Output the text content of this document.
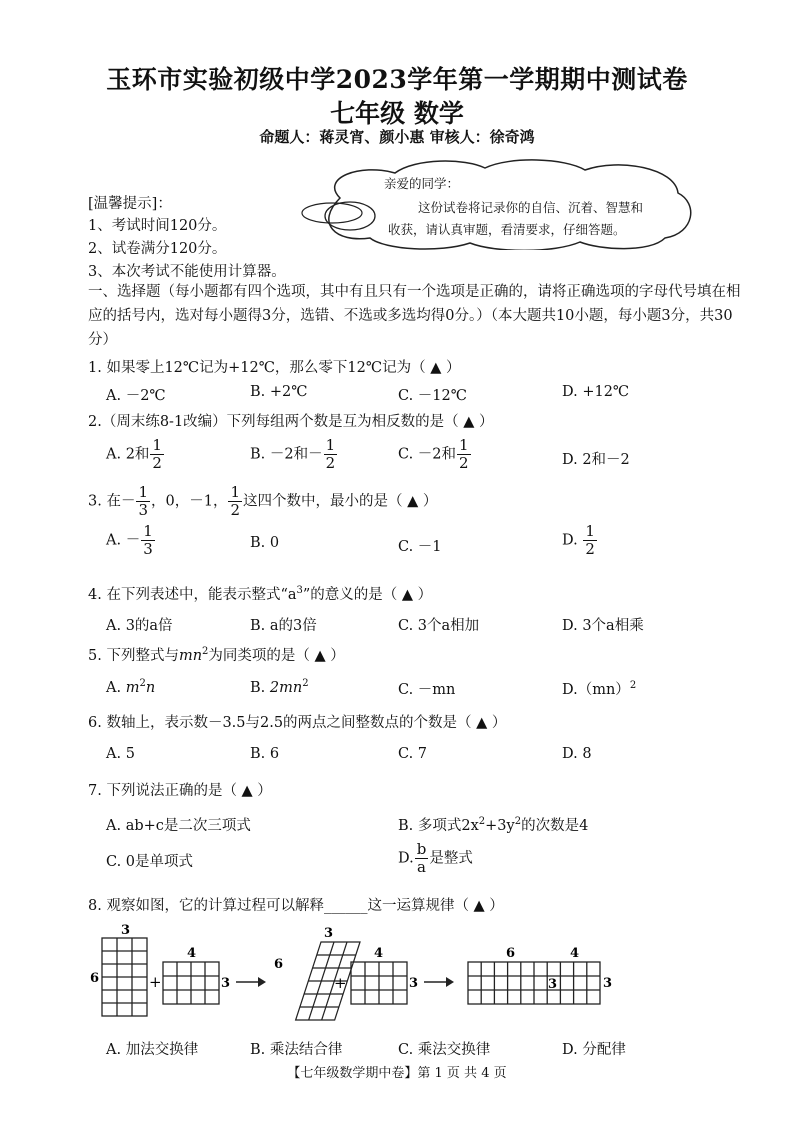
玉环市实验初级中学2023学年第一学期期中测试卷
七年级 数学
命题人：蒋灵宵、颜小惠 审核人：徐奇鸿
亲爱的同学：
这份试卷将记录你的自信、沉着、智慧和
收获，请认真审题，看清要求，仔细答题。
[温馨提示]：
1、考试时间120分。
2、试卷满分120分。
3、本次考试不能使用计算器。
一、选择题（每小题都有四个选项，其中有且只有一个选项是正确的，请将正确选项的字母代号填在相应的括号内，选对每小题得3分，选错、不选或多选均得0分。）（本大题共10小题，每小题3分，共30分）
1. 如果零上12℃记为+12℃，那么零下12℃记为（ ▲ ）
A. －2℃	B. +2℃	C. －12℃	D. +12℃
2.（周末练8-1改编）下列每组两个数是互为相反数的是（ ▲ ）
A. 2和 $\frac{1}{2}$	B. －2和－ $\frac{1}{2}$	C. －2和 $\frac{1}{2}$	D. 2和－2
3. 在－ $\frac{1}{3}$ ，0，－1， $\frac{1}{2}$ 这四个数中，最小的是（ ▲ ）
A. － $\frac{1}{3}$	B. 0	C. －1	D. $\frac{1}{2}$
4. 在下列表述中，能表示整式“$a^3$”的意义的是（ ▲ ）
A. 3的a倍	B. a的3倍	C. 3个a相加	D. 3个a相乘
5. 下列整式与$mn^2$为同类项的是（ ▲ ）
A. $m^2n$	B. $2mn^2$	C. －mn	D.（mn）$^2$
6. 数轴上，表示数－3.5与2.5的两点之间整数点的个数是（ ▲ ）
A. 5	B. 6	C. 7	D. 8
7. 下列说法正确的是（ ▲ ）
A. ab+c是二次三项式	B. 多项式$2x^2+3y^2$的次数是4
C. 0是单项式	D. $\frac{b}{a}$ 是整式
8. 观察如图，它的计算过程可以解释______这一运算规律（ ▲ ）
3
6	+
4
3
3
6
+
4
3
6	4
3	3
A. 加法交换律	B. 乘法结合律	C. 乘法交换律	D. 分配律
【七年级数学期中卷】第 1 页 共 4 页
